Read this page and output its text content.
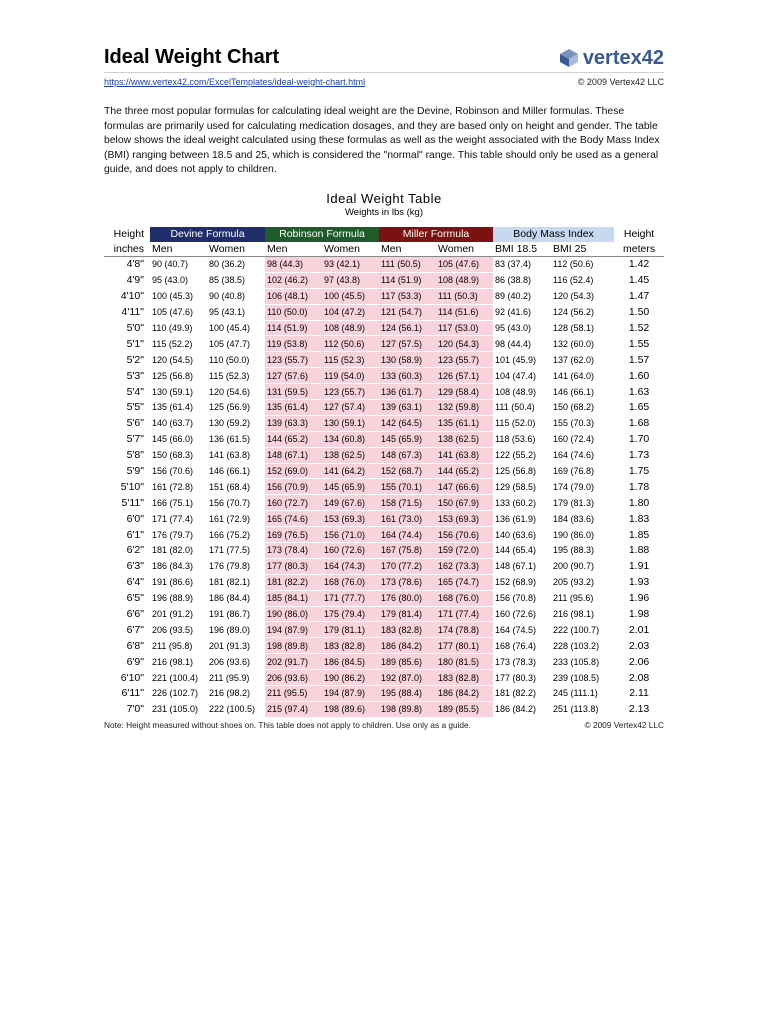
Ideal Weight Chart	vertex42
https://www.vertex42.com/ExcelTemplates/ideal-weight-chart.html	© 2009 Vertex42 LLC
The three most popular formulas for calculating ideal weight are the Devine, Robinson and Miller formulas. These formulas are primarily used for calculating medication dosages, and they are based only on height and gender. The table below shows the ideal weight calculated using these formulas as well as the weight associated with the Body Mass Index (BMI) ranging between 18.5 and 25, which is considered the "normal" range. This table should only be used as a general guide, and does not apply to children.
Ideal Weight Table
Weights in lbs (kg)
Height	Devine Formula		Robinson Formula		Miller Formula		Body Mass Index		Height
inches	Men	Women	Men	Women	Men	Women	BMI 18.5	BMI 25	meters
4'8"	90 (40.7)	80 (36.2)	98 (44.3)	93 (42.1)	111 (50.5)	105 (47.6)	83 (37.4)	112 (50.6)	1.42
4'9"	95 (43.0)	85 (38.5)	102 (46.2)	97 (43.8)	114 (51.9)	108 (48.9)	86 (38.8)	116 (52.4)	1.45
4'10"	100 (45.3)	90 (40.8)	106 (48.1)	100 (45.5)	117 (53.3)	111 (50.3)	89 (40.2)	120 (54.3)	1.47
4'11"	105 (47.6)	95 (43.1)	110 (50.0)	104 (47.2)	121 (54.7)	114 (51.6)	92 (41.6)	124 (56.2)	1.50
5'0"	110 (49.9)	100 (45.4)	114 (51.9)	108 (48.9)	124 (56.1)	117 (53.0)	95 (43.0)	128 (58.1)	1.52
5'1"	115 (52.2)	105 (47.7)	119 (53.8)	112 (50.6)	127 (57.5)	120 (54.3)	98 (44.4)	132 (60.0)	1.55
5'2"	120 (54.5)	110 (50.0)	123 (55.7)	115 (52.3)	130 (58.9)	123 (55.7)	101 (45.9)	137 (62.0)	1.57
5'3"	125 (56.8)	115 (52.3)	127 (57.6)	119 (54.0)	133 (60.3)	126 (57.1)	104 (47.4)	141 (64.0)	1.60
5'4"	130 (59.1)	120 (54.6)	131 (59.5)	123 (55.7)	136 (61.7)	129 (58.4)	108 (48.9)	146 (66.1)	1.63
5'5"	135 (61.4)	125 (56.9)	135 (61.4)	127 (57.4)	139 (63.1)	132 (59.8)	111 (50.4)	150 (68.2)	1.65
5'6"	140 (63.7)	130 (59.2)	139 (63.3)	130 (59.1)	142 (64.5)	135 (61.1)	115 (52.0)	155 (70.3)	1.68
5'7"	145 (66.0)	136 (61.5)	144 (65.2)	134 (60.8)	145 (65.9)	138 (62.5)	118 (53.6)	160 (72.4)	1.70
5'8"	150 (68.3)	141 (63.8)	148 (67.1)	138 (62.5)	148 (67.3)	141 (63.8)	122 (55.2)	164 (74.6)	1.73
5'9"	156 (70.6)	146 (66.1)	152 (69.0)	141 (64.2)	152 (68.7)	144 (65.2)	125 (56.8)	169 (76.8)	1.75
5'10"	161 (72.8)	151 (68.4)	156 (70.9)	145 (65.9)	155 (70.1)	147 (66.6)	129 (58.5)	174 (79.0)	1.78
5'11"	166 (75.1)	156 (70.7)	160 (72.7)	149 (67.6)	158 (71.5)	150 (67.9)	133 (60.2)	179 (81.3)	1.80
6'0"	171 (77.4)	161 (72.9)	165 (74.6)	153 (69.3)	161 (73.0)	153 (69.3)	136 (61.9)	184 (83.6)	1.83
6'1"	176 (79.7)	166 (75.2)	169 (76.5)	156 (71.0)	164 (74.4)	156 (70.6)	140 (63.6)	190 (86.0)	1.85
6'2"	181 (82.0)	171 (77.5)	173 (78.4)	160 (72.6)	167 (75.8)	159 (72.0)	144 (65.4)	195 (88.3)	1.88
6'3"	186 (84.3)	176 (79.8)	177 (80.3)	164 (74.3)	170 (77.2)	162 (73.3)	148 (67.1)	200 (90.7)	1.91
6'4"	191 (86.6)	181 (82.1)	181 (82.2)	168 (76.0)	173 (78.6)	165 (74.7)	152 (68.9)	205 (93.2)	1.93
6'5"	196 (88.9)	186 (84.4)	185 (84.1)	171 (77.7)	176 (80.0)	168 (76.0)	156 (70.8)	211 (95.6)	1.96
6'6"	201 (91.2)	191 (86.7)	190 (86.0)	175 (79.4)	179 (81.4)	171 (77.4)	160 (72.6)	216 (98.1)	1.98
6'7"	206 (93.5)	196 (89.0)	194 (87.9)	179 (81.1)	183 (82.8)	174 (78.8)	164 (74.5)	222 (100.7)	2.01
6'8"	211 (95.8)	201 (91.3)	198 (89.8)	183 (82.8)	186 (84.2)	177 (80.1)	168 (76.4)	228 (103.2)	2.03
6'9"	216 (98.1)	206 (93.6)	202 (91.7)	186 (84.5)	189 (85.6)	180 (81.5)	173 (78.3)	233 (105.8)	2.06
6'10"	221 (100.4)	211 (95.9)	206 (93.6)	190 (86.2)	192 (87.0)	183 (82.8)	177 (80.3)	239 (108.5)	2.08
6'11"	226 (102.7)	216 (98.2)	211 (95.5)	194 (87.9)	195 (88.4)	186 (84.2)	181 (82.2)	245 (111.1)	2.11
7'0"	231 (105.0)	222 (100.5)	215 (97.4)	198 (89.6)	198 (89.8)	189 (85.5)	186 (84.2)	251 (113.8)	2.13
Note: Height measured without shoes on. This table does not apply to children. Use only as a guide.	© 2009 Vertex42 LLC
